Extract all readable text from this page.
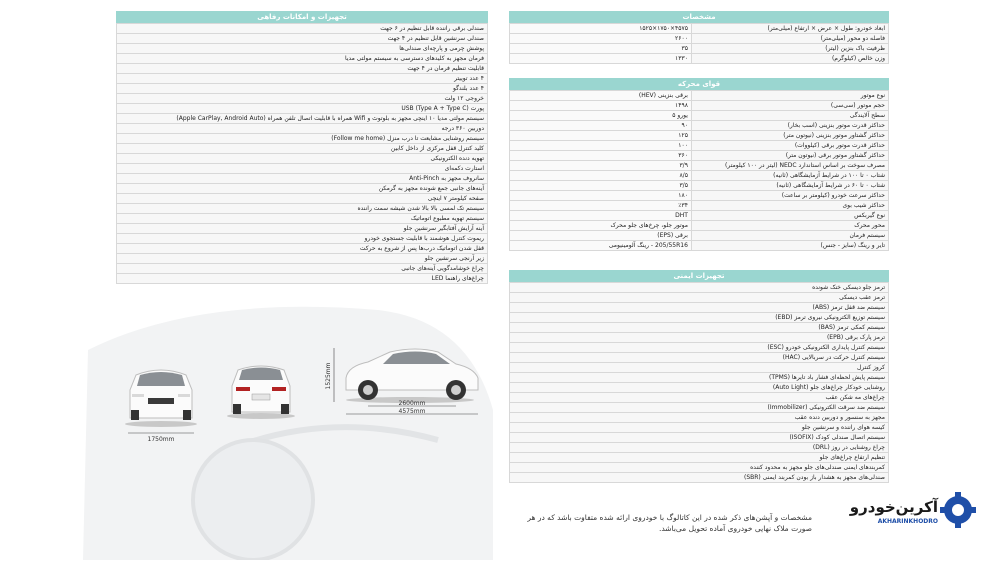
تجهیزات و امکانات رفاهی
صندلی برقی راننده قابل تنظیم در ۶ جهت
صندلی سرنشین قابل تنظیم در ۴ جهت
پوشش چرمی و پارچه‌ای صندلی‌ها
فرمان مجهز به کلیدهای دسترسی به سیستم مولتی مدیا
قابلیت تنظیم فرمان در ۴ جهت
۴ عدد توییتر
۴ عدد بلندگو
خروجی ۱۲ ولت
پورت USB (Type A + Type C)
سیستم مولتی مدیا ۱۰ اینچی مجهز به بلوتوث و Wifi همراه با قابلیت اتصال تلفن همراه (Apple CarPlay, Android Auto)
دوربین ۳۶۰ درجه
سیستم روشنایی مشایعت تا درب منزل (Follow me home)
کلید کنترل قفل مرکزی از داخل کابین
تهویه دنده الکترونیکی
استارت دکمه‌ای
سانروف مجهز به Anti-Pinch
آینه‌های جانبی جمع شونده مجهز به گرمکن
صفحه کیلومتر ۷ اینچی
سیستم تک لمسی بالا بالا شدن شیشه سمت راننده
سیستم تهویه مطبوع اتوماتیک
آینه آرایش آفتابگیر سرنشین جلو
ریموت کنترل هوشمند با قابلیت جستجوی خودرو
قفل شدن اتوماتیک درب‌ها پس از شروع به حرکت
زیر آرنجی سرنشین جلو
چراغ خوشامدگویی آینه‌های جانبی
چراغ‌های راهنما LED
مشخصات
ابعاد خودرو: طول × عرض × ارتفاع (میلی‌متر)	۴۵۷۵×۱۷۵۰×۱۵۲۵
فاصله دو محور (میلی‌متر)	۲۶۰۰
ظرفیت باک بنزین (لیتر)	۳۵
وزن خالص (کیلوگرم)	۱۳۳۰
قوای محرکه
نوع موتور	برقی بنزینی (HEV)
حجم موتور (سی‌سی)	۱۴۹۸
سطح آلایندگی	یورو ۵
حداکثر قدرت موتور بنزینی (اسب بخار)	۹۰
حداکثر گشتاور موتور بنزینی (نیوتون متر)	۱۲۵
حداکثر قدرت موتور برقی (کیلووات)	۱۰۰
حداکثر گشتاور موتور برقی (نیوتون متر)	۳۶۰
مصرف سوخت بر اساس استاندارد NEDC (لیتر در ۱۰۰ کیلومتر)	۳/۹
شتاب ۰ تا ۱۰۰ در شرایط آزمایشگاهی (ثانیه)	۸/۵
شتاب ۰ تا ۶۰ در شرایط آزمایشگاهی (ثانیه)	۳/۵
حداکثر سرعت خودرو (کیلومتر بر ساعت)	۱۸۰
حداکثر شیب بوی	٪۳۴
نوع گیربکس	DHT
محور محرک	موتور جلو، چرخ‌های جلو محرک
سیستم فرمان	برقی (EPS)
تایر و رینگ (سایز - جنس)	205/55R16 - رینگ آلومینیومی
تجهیزات ایمنی
ترمز جلو دیسکی خنک شونده
ترمز عقب دیسکی
سیستم ضد قفل ترمز (ABS)
سیستم توزیع الکترونیکی نیروی ترمز (EBD)
سیستم کمکی ترمز (BAS)
ترمز پارک برقی (EPB)
سیستم کنترل پایداری الکترونیکی خودرو (ESC)
سیستم کنترل حرکت در سربالایی (HAC)
کروز کنترل
سیستم پایش لحظه‌ای فشار باد تایرها (TPMS)
روشنایی خودکار چراغ‌های جلو (Auto Light)
چراغ‌های مه شکن عقب
سیستم ضد سرقت الکترونیکی (Immobilizer)
مجهز به سنسور و دوربین دنده عقب
کیسه هوای راننده و سرنشین جلو
سیستم اتصال صندلی کودک (ISOFIX)
چراغ روشنایی در روز (DRL)
تنظیم ارتفاع چراغ‌های جلو
کمربندهای ایمنی صندلی‌های جلو مجهز به محدود کننده
صندلی‌های مجهز به هشدار باز بودن کمربند ایمنی (SBR)
1750mm
1525mm
2600mm
4575mm
مشخصات و آپشن‌های ذکر شده در این کاتالوگ با خودروی ارائه شده متفاوت باشد که در هر صورت ملاک نهایی خودروی آماده تحویل می‌باشد.
آکرین‌خودرو
AKHARINKHODRO
